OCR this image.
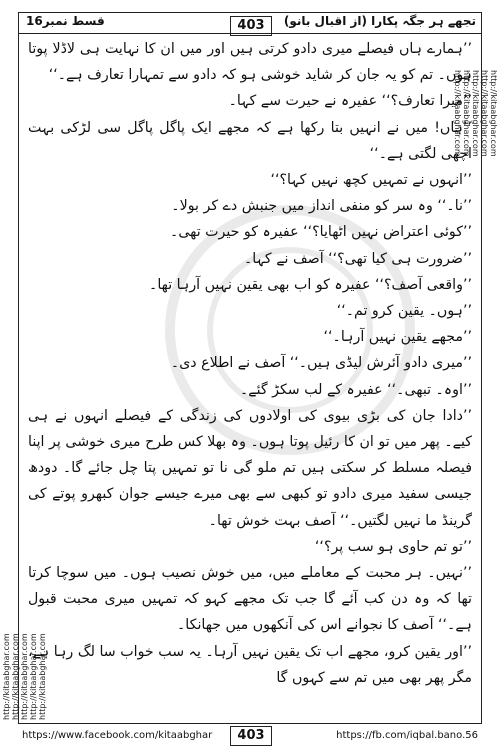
قسط نمبر16	403	تجھے ہر جگہ پکارا (از اقبال بانو)
http://kitaabghar.com http://kitaabghar.com http://kitaabghar.com http://kitaabghar.com http://kitaabghar.com
http://kitaabghar.com
http://kitaabghar.com
http://kitaabghar.com
http://kitaabghar.com
http://kitaabghar.com

’’ہمارے ہاں فیصلے میری دادو کرتی ہیں اور میں ان کا نہایت ہی لاڈلا پوتا ہوں۔ تم کو یہ جان کر شاید خوشی ہو کہ دادو سے تمہارا تعارف ہے۔‘‘

’’میرا تعارف؟‘‘ عفیرہ نے حیرت سے کہا۔

’’ہاں! میں نے انہیں بتا رکھا ہے کہ مجھے ایک پاگل پاگل سی لڑکی بہت اچھی لگتی ہے۔‘‘

’’انہوں نے تمہیں کچھ نہیں کہا؟‘‘

’’نا۔‘‘ وہ سر کو منفی انداز میں جنبش دے کر بولا۔

’’کوئی اعتراض نہیں اٹھایا؟‘‘ عفیرہ کو حیرت تھی۔

’’ضرورت ہی کیا تھی؟‘‘ آصف نے کہا۔

’’واقعی آصف؟‘‘ عفیرہ کو اب بھی یقین نہیں آرہا تھا۔

’’ہوں۔ یقین کرو تم۔‘‘

’’مجھے یقین نہیں آرہا۔‘‘

’’میری دادو آئرش لیڈی ہیں۔‘‘ آصف نے اطلاع دی۔

’’اوہ۔ تبھی۔‘‘ عفیرہ کے لب سکڑ گئے۔

’’دادا جان کی بڑی بیوی کی اولادوں کی زندگی کے فیصلے انہوں نے ہی کیے۔ پھر میں تو ان کا رئیل پوتا ہوں۔ وہ بھلا کس طرح میری خوشی پر اپنا فیصلہ مسلط کر سکتی ہیں تم ملو گی نا تو تمہیں پتا چل جائے گا۔ دودھ جیسی سفید میری دادو تو کبھی سے بھی میرے جیسے جوان کبھرو پوتے کی گرینڈ ما نہیں لگتیں۔‘‘ آصف بہت خوش تھا۔

’’تو تم حاوی ہو سب پر؟‘‘

’’نہیں۔ ہر محبت کے معاملے میں، میں خوش نصیب ہوں۔ میں سوچا کرتا تھا کہ وہ دن کب آئے گا جب تک مجھے کہو کہ تمہیں میری محبت قبول ہے۔‘‘ آصف کا نجوانے اس کی آنکھوں میں جھانکا۔

’’اور یقین کرو، مجھے اب تک یقین نہیں آرہا۔ یہ سب خواب سا لگ رہا ہے، مگر پھر بھی میں تم سے کہوں گا

https://www.facebook.com/kitaabghar	403	https://fb.com/iqbal.bano.56
